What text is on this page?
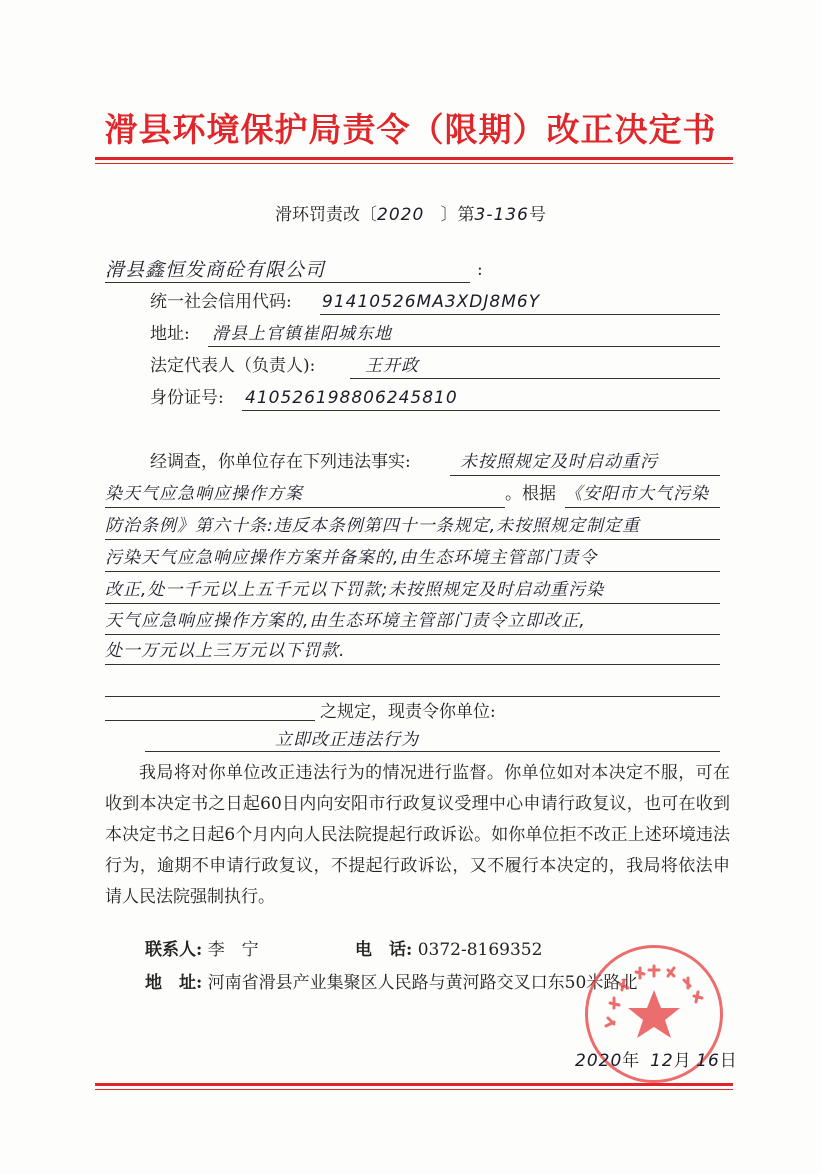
滑县环境保护局责令（限期）改正决定书
滑环罚责改〔2020 〕第3-136号
滑县鑫恒发商砼有限公司	:
统一社会信用代码: 91410526MA3XDJ8M6Y
地址: 滑县上官镇崔阳城东地
法定代表人（负责人):	王开政
身份证号: 410526198806245810
经调查，你单位存在下列违法事实:	未按照规定及时启动重污
染天气应急响应操作方案	。根据 《安阳市大气污染
防治条例》第六十条:违反本条例第四十一条规定,未按照规定制定重
污染天气应急响应操作方案并备案的,由生态环境主管部门责令
改正,处一千元以上五千元以下罚款;未按照规定及时启动重污染
天气应急响应操作方案的,由生态环境主管部门责令立即改正,
处一万元以上三万元以下罚款.
之规定，现责令你单位:
立即改正违法行为
我局将对你单位改正违法行为的情况进行监督。你单位如对本决定不服，可在收到本决定书之日起60日内向安阳市行政复议受理中心申请行政复议，也可在收到本决定书之日起6个月内向人民法院提起行政诉讼。如你单位拒不改正上述环境违法行为，逾期不申请行政复议，不提起行政诉讼，又不履行本决定的，我局将依法申请人民法院强制执行。
联系人: 李　宁	电　话: 0372-8169352
地　址: 河南省滑县产业集聚区人民路与黄河路交叉口东50米路北
2020年 12月 16日
